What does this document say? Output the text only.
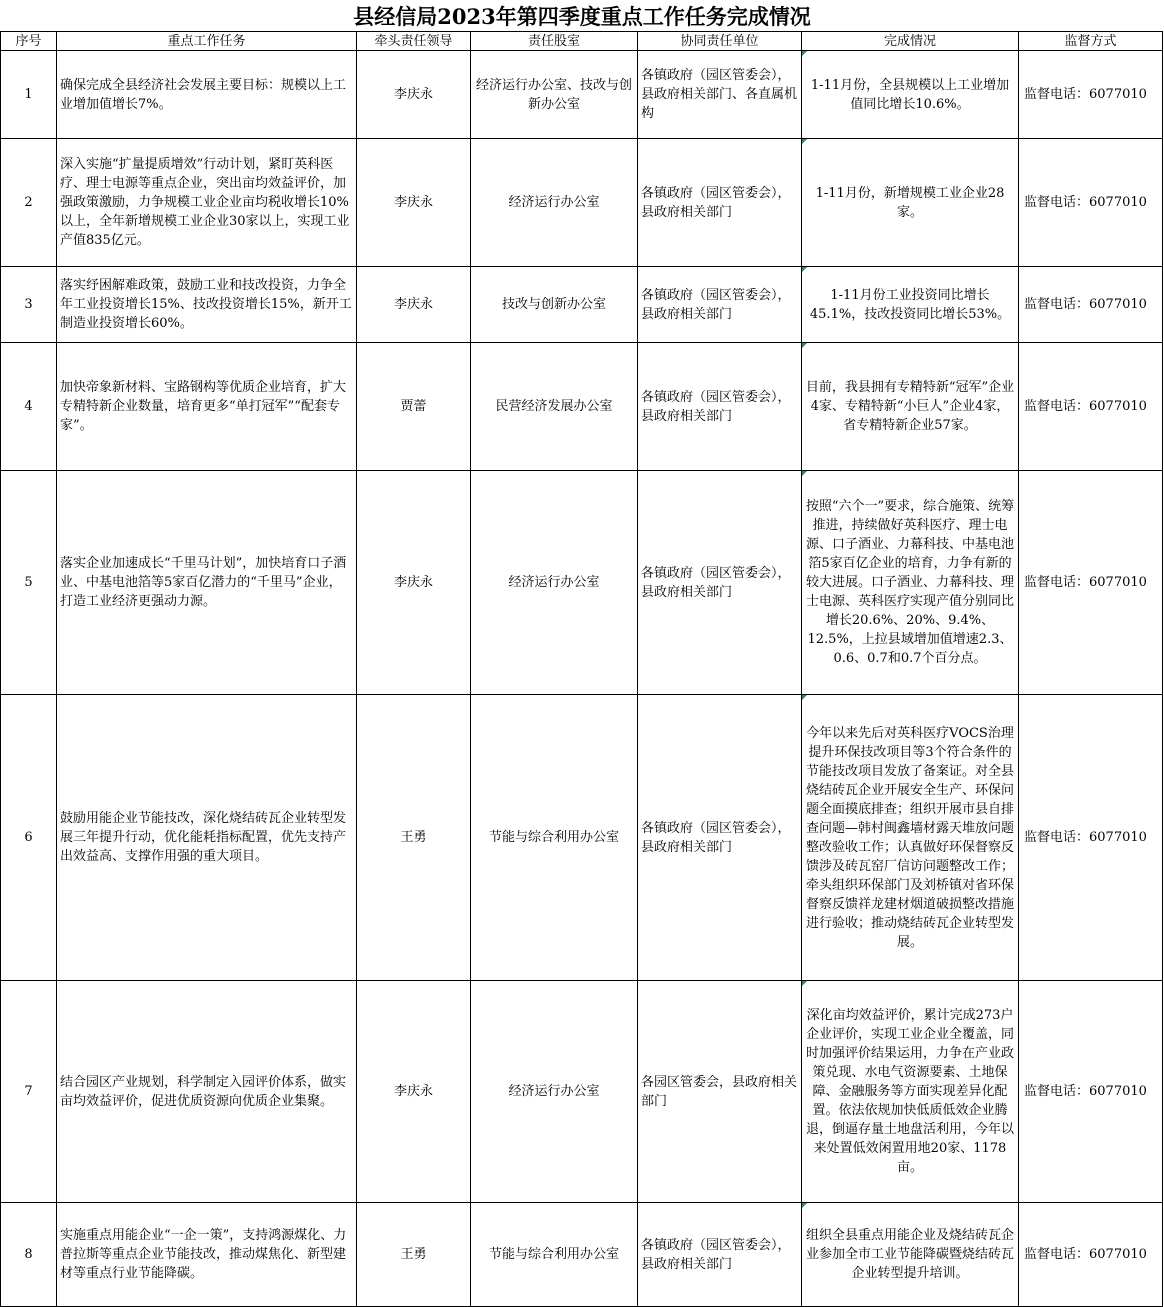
县经信局2023年第四季度重点工作任务完成情况
序号	重点工作任务	牵头责任领导	责任股室	协同责任单位	完成情况	监督方式
1	确保完成全县经济社会发展主要目标：规模以上工业增加值增长7%。	李庆永	经济运行办公室、技改与创新办公室	各镇政府（园区管委会），县政府相关部门、各直属机构	1-11月份，全县规模以上工业增加值同比增长10.6%。	监督电话：6077010
2	深入实施“扩量提质增效”行动计划，紧盯英科医疗、理士电源等重点企业，突出亩均效益评价，加强政策激励，力争规模工业企业亩均税收增长10%以上，全年新增规模工业企业30家以上，实现工业产值835亿元。	李庆永	经济运行办公室	各镇政府（园区管委会），县政府相关部门	1-11月份，新增规模工业企业28家。	监督电话：6077010
3	落实纾困解难政策，鼓励工业和技改投资，力争全年工业投资增长15%、技改投资增长15%，新开工制造业投资增长60%。	李庆永	技改与创新办公室	各镇政府（园区管委会），县政府相关部门	1-11月份工业投资同比增长45.1%，技改投资同比增长53%。	监督电话：6077010
4	加快帝象新材料、宝路钢构等优质企业培育，扩大专精特新企业数量，培育更多“单打冠军”“配套专家”。	贾蕾	民营经济发展办公室	各镇政府（园区管委会），县政府相关部门	目前，我县拥有专精特新“冠军”企业4家、专精特新“小巨人”企业4家，省专精特新企业57家。	监督电话：6077010
5	落实企业加速成长“千里马计划”，加快培育口子酒业、中基电池箔等5家百亿潜力的“千里马”企业，打造工业经济更强动力源。	李庆永	经济运行办公室	各镇政府（园区管委会），县政府相关部门	按照“六个一”要求，综合施策、统筹推进，持续做好英科医疗、理士电源、口子酒业、力幕科技、中基电池箔5家百亿企业的培育，力争有新的较大进展。口子酒业、力幕科技、理士电源、英科医疗实现产值分别同比增长20.6%、20%、9.4%、12.5%，上拉县域增加值增速2.3、0.6、0.7和0.7个百分点。	监督电话：6077010
6	鼓励用能企业节能技改，深化烧结砖瓦企业转型发展三年提升行动，优化能耗指标配置，优先支持产出效益高、支撑作用强的重大项目。	王勇	节能与综合利用办公室	各镇政府（园区管委会），县政府相关部门	今年以来先后对英科医疗VOCS治理提升环保技改项目等3个符合条件的节能技改项目发放了备案证。对全县烧结砖瓦企业开展安全生产、环保问题全面摸底排查；组织开展市县自排查问题—韩村闽鑫墙材露天堆放问题整改验收工作；认真做好环保督察反馈涉及砖瓦窑厂信访问题整改工作；牵头组织环保部门及刘桥镇对省环保督察反馈祥龙建材烟道破损整改措施进行验收；推动烧结砖瓦企业转型发展。	监督电话：6077010
7	结合园区产业规划，科学制定入园评价体系，做实亩均效益评价，促进优质资源向优质企业集聚。	李庆永	经济运行办公室	各园区管委会，县政府相关部门	深化亩均效益评价，累计完成273户企业评价，实现工业企业全覆盖，同时加强评价结果运用，力争在产业政策兑现、水电气资源要素、土地保障、金融服务等方面实现差异化配置。依法依规加快低质低效企业腾退，倒逼存量土地盘活利用，今年以来处置低效闲置用地20家、1178亩。	监督电话：6077010
8	实施重点用能企业“一企一策”，支持鸿源煤化、力普拉斯等重点企业节能技改，推动煤焦化、新型建材等重点行业节能降碳。	王勇	节能与综合利用办公室	各镇政府（园区管委会），县政府相关部门	组织全县重点用能企业及烧结砖瓦企业参加全市工业节能降碳暨烧结砖瓦企业转型提升培训。	监督电话：6077010
